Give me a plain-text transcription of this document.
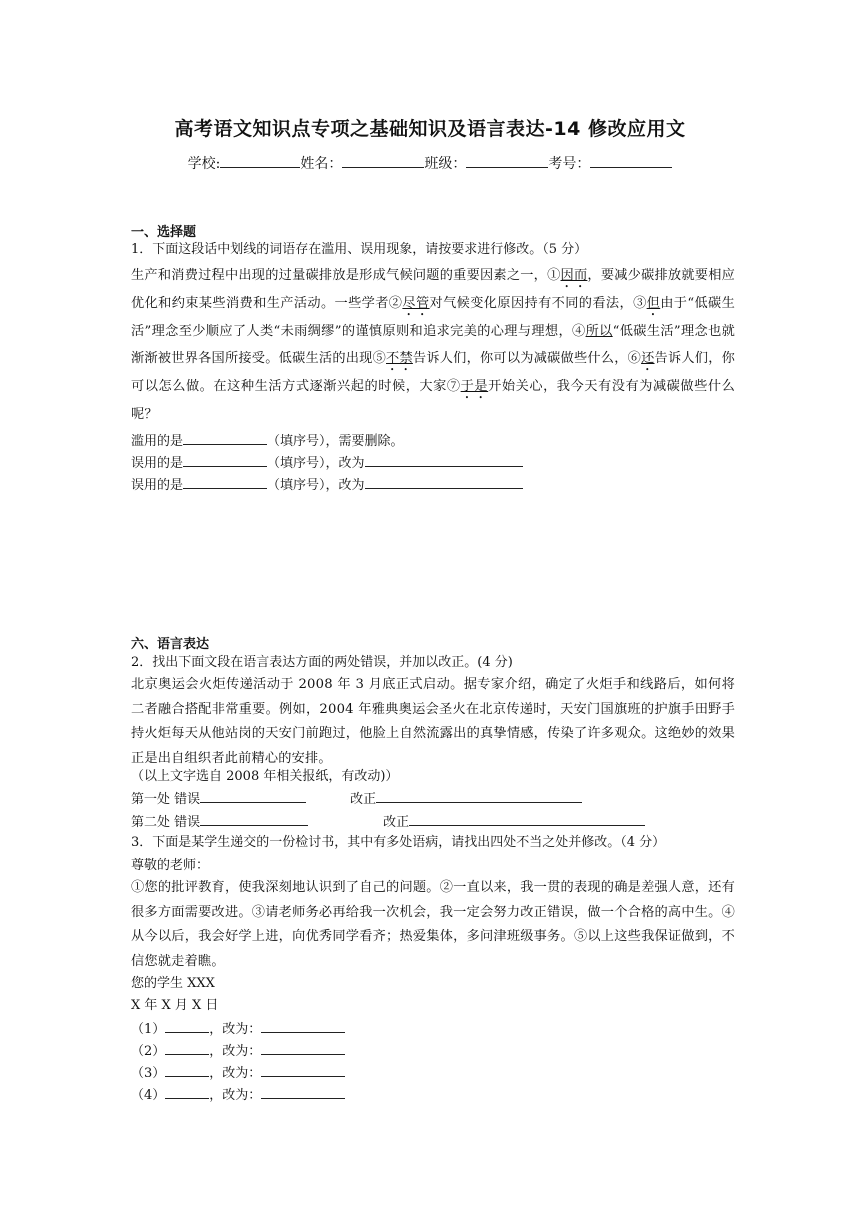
高考语文知识点专项之基础知识及语言表达-14 修改应用文
学校:	姓名：	班级：	考号：
一、选择题
1．下面这段话中划线的词语存在滥用、误用现象，请按要求进行修改。（5 分）
生产和消费过程中出现的过量碳排放是形成气候问题的重要因素之一，①因而，要减少碳排放就要相应优化和约束某些消费和生产活动。一些学者②尽管对气候变化原因持有不同的看法，③但由于“低碳生活”理念至少顺应了人类“未雨绸缪”的谨慎原则和追求完美的心理与理想，④所以“低碳生活”理念也就渐渐被世界各国所接受。低碳生活的出现⑤不禁告诉人们，你可以为减碳做些什么，⑥还告诉人们，你可以怎么做。在这种生活方式逐渐兴起的时候，大家⑦于是开始关心，我今天有没有为减碳做些什么呢？
滥用的是	（填序号），需要删除。
误用的是	（填序号），改为
误用的是	（填序号），改为
六、语言表达
2．找出下面文段在语言表达方面的两处错误，并加以改正。(4 分)
北京奥运会火炬传递活动于 2008 年 3 月底正式启动。据专家介绍，确定了火炬手和线路后，如何将二者融合搭配非常重要。例如，2004 年雅典奥运会圣火在北京传递时，天安门国旗班的护旗手田野手持火炬每天从他站岗的天安门前跑过，他脸上自然流露出的真挚情感，传染了许多观众。这绝妙的效果正是出自组织者此前精心的安排。
（以上文字选自 2008 年相关报纸，有改动)）
第一处 错误	改正
第二处 错误	改正
3．下面是某学生递交的一份检讨书，其中有多处语病，请找出四处不当之处并修改。（4 分）
尊敬的老师：
①您的批评教育，使我深刻地认识到了自己的问题。②一直以来，我一贯的表现的确是差强人意，还有很多方面需要改进。③请老师务必再给我一次机会，我一定会努力改正错误，做一个合格的高中生。④从今以后，我会好学上进，向优秀同学看齐；热爱集体，多问津班级事务。⑤以上这些我保证做到，不信您就走着瞧。
您的学生 XXX
X 年 X 月 X 日
（1）	，改为：
（2）	，改为：
（3）	，改为：
（4）	，改为：
